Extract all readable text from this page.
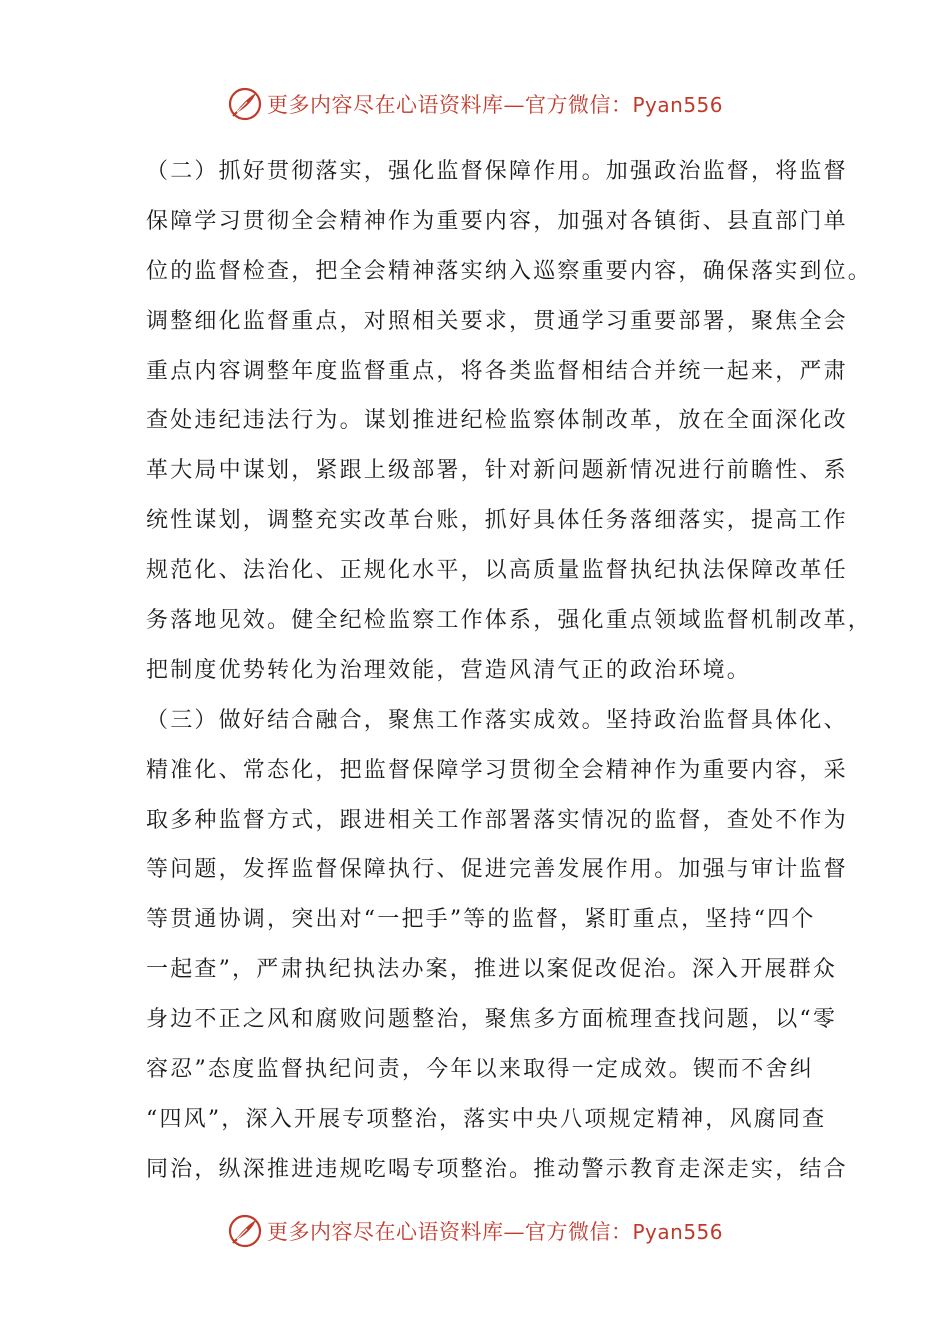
更多内容尽在心语资料库—官方微信：Pyan556
（二）抓好贯彻落实，强化监督保障作用。加强政治监督，将监督
保障学习贯彻全会精神作为重要内容，加强对各镇街、县直部门单
位的监督检查，把全会精神落实纳入巡察重要内容，确保落实到位。
调整细化监督重点，对照相关要求，贯通学习重要部署，聚焦全会
重点内容调整年度监督重点，将各类监督相结合并统一起来，严肃
查处违纪违法行为。谋划推进纪检监察体制改革，放在全面深化改
革大局中谋划，紧跟上级部署，针对新问题新情况进行前瞻性、系
统性谋划，调整充实改革台账，抓好具体任务落细落实，提高工作
规范化、法治化、正规化水平，以高质量监督执纪执法保障改革任
务落地见效。健全纪检监察工作体系，强化重点领域监督机制改革，
把制度优势转化为治理效能，营造风清气正的政治环境。
（三）做好结合融合，聚焦工作落实成效。坚持政治监督具体化、
精准化、常态化，把监督保障学习贯彻全会精神作为重要内容，采
取多种监督方式，跟进相关工作部署落实情况的监督，查处不作为
等问题，发挥监督保障执行、促进完善发展作用。加强与审计监督
等贯通协调，突出对“一把手”等的监督，紧盯重点，坚持“四个
一起查”，严肃执纪执法办案，推进以案促改促治。深入开展群众
身边不正之风和腐败问题整治，聚焦多方面梳理查找问题，以“零
容忍”态度监督执纪问责，今年以来取得一定成效。锲而不舍纠
“四风”，深入开展专项整治，落实中央八项规定精神，风腐同查
同治，纵深推进违规吃喝专项整治。推动警示教育走深走实，结合
更多内容尽在心语资料库—官方微信：Pyan556
